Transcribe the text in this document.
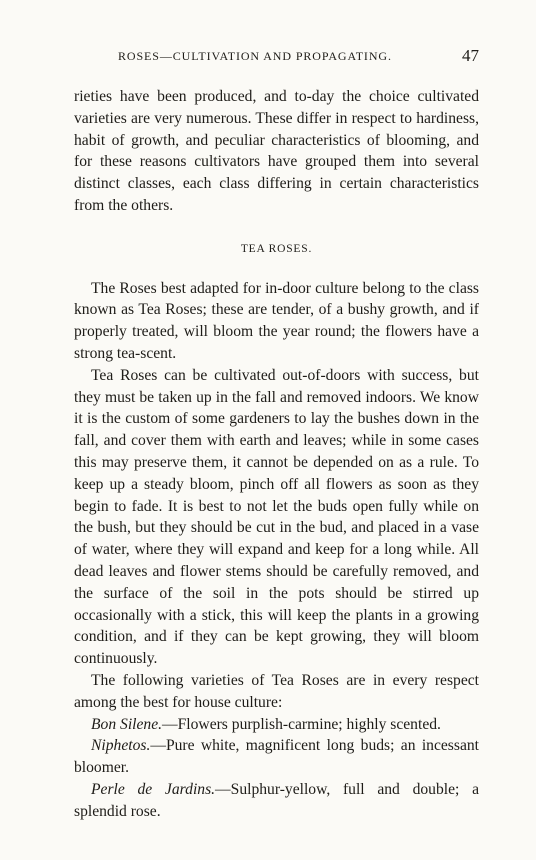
ROSES—CULTIVATION AND PROPAGATING.	47

rieties have been produced, and to-day the choice cultivated varieties are very numerous. These differ in respect to hardiness, habit of growth, and peculiar characteristics of blooming, and for these reasons cultivators have grouped them into several distinct classes, each class differing in certain characteristics from the others.

TEA ROSES.

The Roses best adapted for in-door culture belong to the class known as Tea Roses; these are tender, of a bushy growth, and if properly treated, will bloom the year round; the flowers have a strong tea-scent.

Tea Roses can be cultivated out-of-doors with success, but they must be taken up in the fall and removed indoors. We know it is the custom of some gardeners to lay the bushes down in the fall, and cover them with earth and leaves; while in some cases this may preserve them, it cannot be depended on as a rule. To keep up a steady bloom, pinch off all flowers as soon as they begin to fade. It is best to not let the buds open fully while on the bush, but they should be cut in the bud, and placed in a vase of water, where they will expand and keep for a long while. All dead leaves and flower stems should be carefully removed, and the surface of the soil in the pots should be stirred up occasionally with a stick, this will keep the plants in a growing condition, and if they can be kept growing, they will bloom continuously.

The following varieties of Tea Roses are in every respect among the best for house culture:

Bon Silene.—Flowers purplish-carmine; highly scented.

Niphetos.—Pure white, magnificent long buds; an incessant bloomer.

Perle de Jardins.—Sulphur-yellow, full and double; a splendid rose.
